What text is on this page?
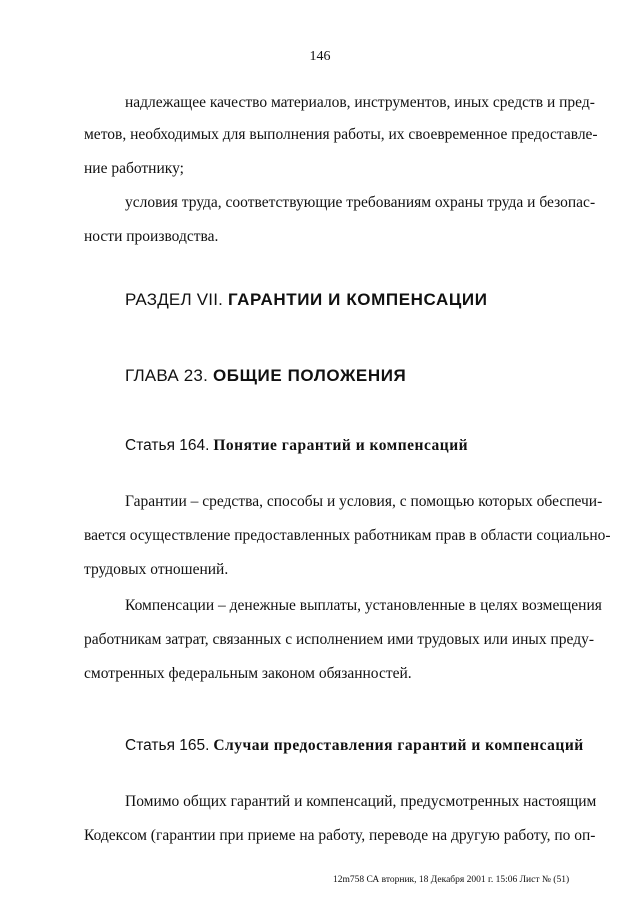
146
надлежащее качество материалов, инструментов, иных средств и пред-
метов, необходимых для выполнения работы, их своевременное предоставле-
ние работнику;
условия труда, соответствующие требованиям охраны труда и безопас-
ности производства.
РАЗДЕЛ VII. ГАРАНТИИ И КОМПЕНСАЦИИ
ГЛАВА 23. ОБЩИЕ ПОЛОЖЕНИЯ
Статья 164. Понятие гарантий и компенсаций
Гарантии – средства, способы и условия, с помощью которых обеспечи-
вается осуществление предоставленных работникам прав в области социально-
трудовых отношений.
Компенсации – денежные выплаты, установленные в целях возмещения
работникам затрат, связанных с исполнением ими трудовых или иных преду-
смотренных федеральным законом обязанностей.
Статья 165. Случаи предоставления гарантий и компенсаций
Помимо общих гарантий и компенсаций, предусмотренных настоящим
Кодексом (гарантии при приеме на работу, переводе на другую работу, по оп-
12m758 СА вторник, 18 Декабря 2001 г. 15:06 Лист № (51)
